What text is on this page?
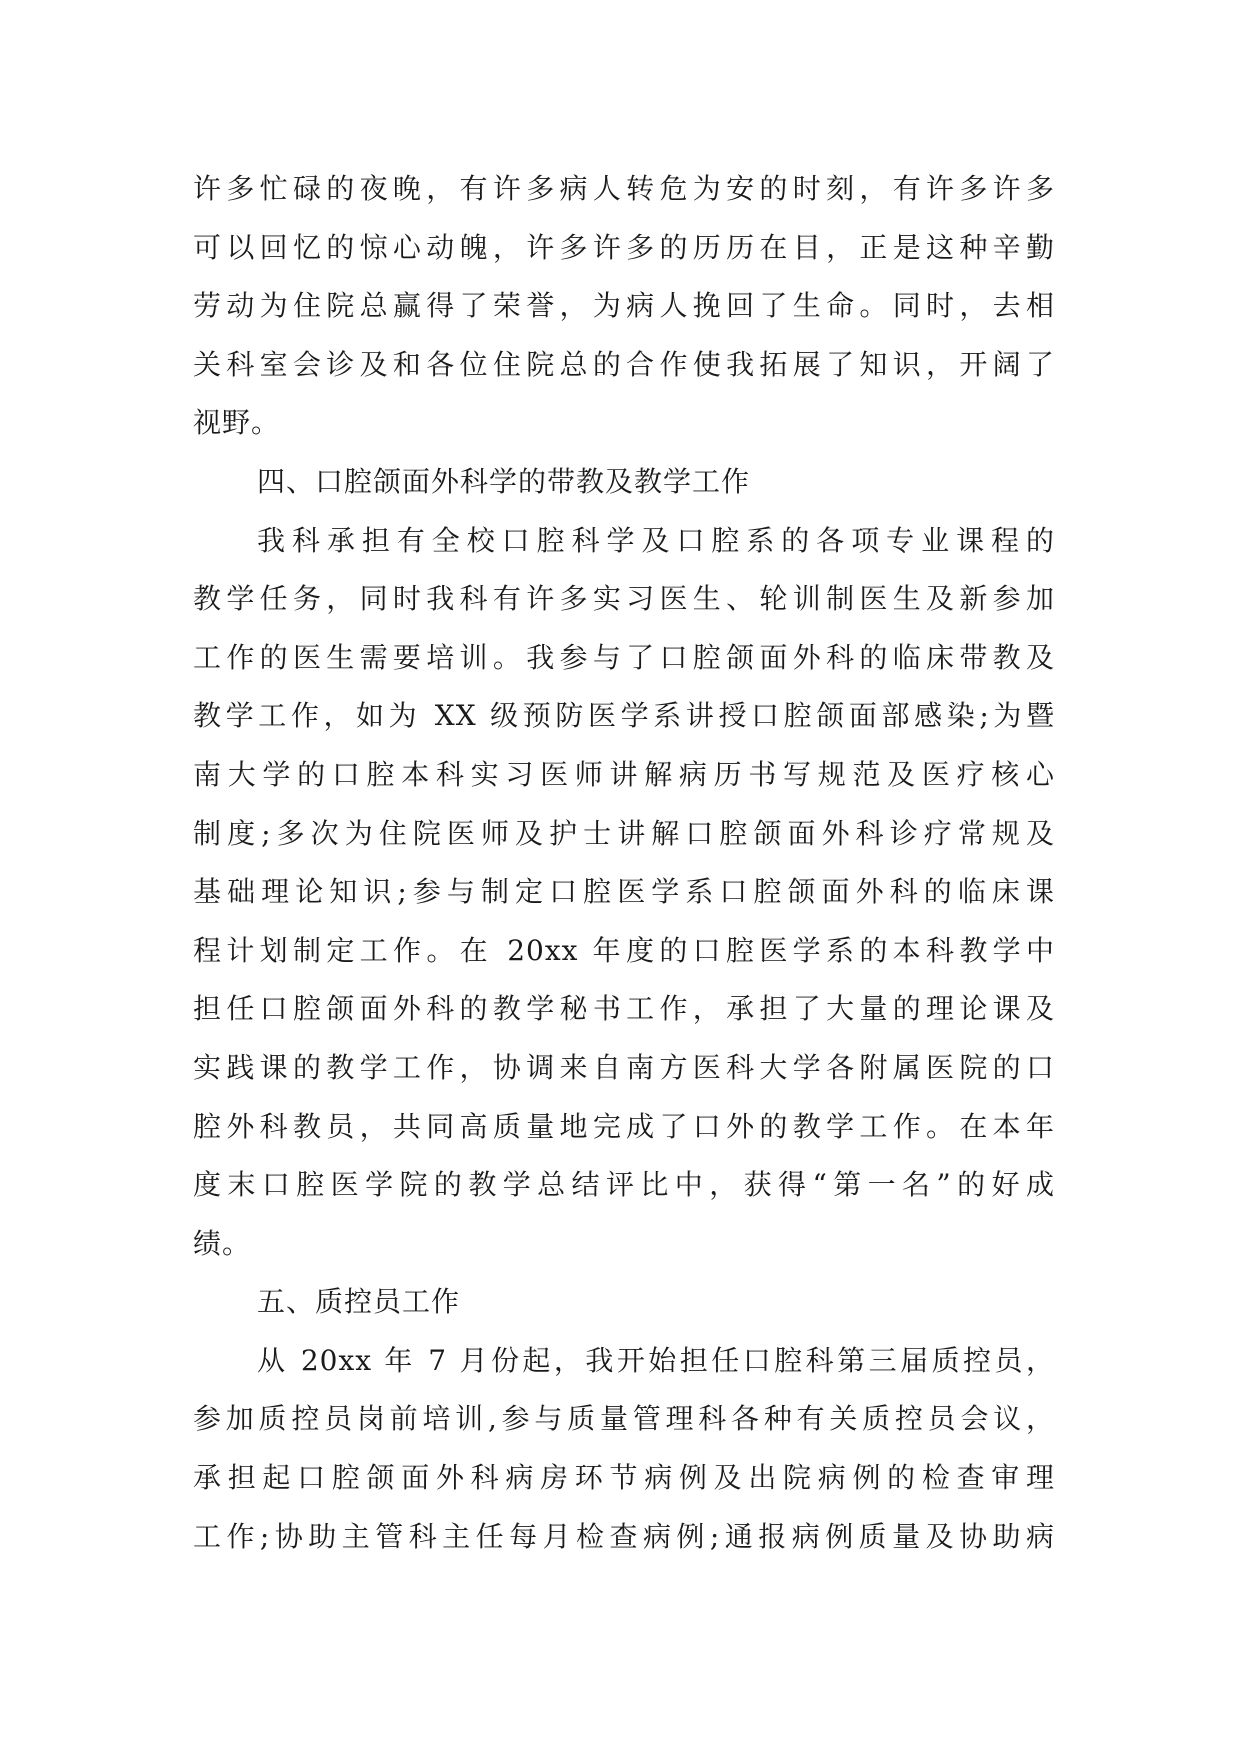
许多忙碌的夜晚，有许多病人转危为安的时刻，有许多许多
可以回忆的惊心动魄，许多许多的历历在目，正是这种辛勤
劳动为住院总赢得了荣誉，为病人挽回了生命。同时，去相
关科室会诊及和各位住院总的合作使我拓展了知识，开阔了
视野。
四、口腔颌面外科学的带教及教学工作
我科承担有全校口腔科学及口腔系的各项专业课程的
教学任务，同时我科有许多实习医生、轮训制医生及新参加
工作的医生需要培训。我参与了口腔颌面外科的临床带教及
教学工作，如为 XX 级预防医学系讲授口腔颌面部感染;为暨
南大学的口腔本科实习医师讲解病历书写规范及医疗核心
制度;多次为住院医师及护士讲解口腔颌面外科诊疗常规及
基础理论知识;参与制定口腔医学系口腔颌面外科的临床课
程计划制定工作。在 20xx 年度的口腔医学系的本科教学中
担任口腔颌面外科的教学秘书工作，承担了大量的理论课及
实践课的教学工作，协调来自南方医科大学各附属医院的口
腔外科教员，共同高质量地完成了口外的教学工作。在本年
度末口腔医学院的教学总结评比中，获得“第一名”的好成
绩。
五、质控员工作
从 20xx 年 7 月份起，我开始担任口腔科第三届质控员，
参加质控员岗前培训,参与质量管理科各种有关质控员会议，
承担起口腔颌面外科病房环节病例及出院病例的检查审理
工作;协助主管科主任每月检查病例;通报病例质量及协助病
